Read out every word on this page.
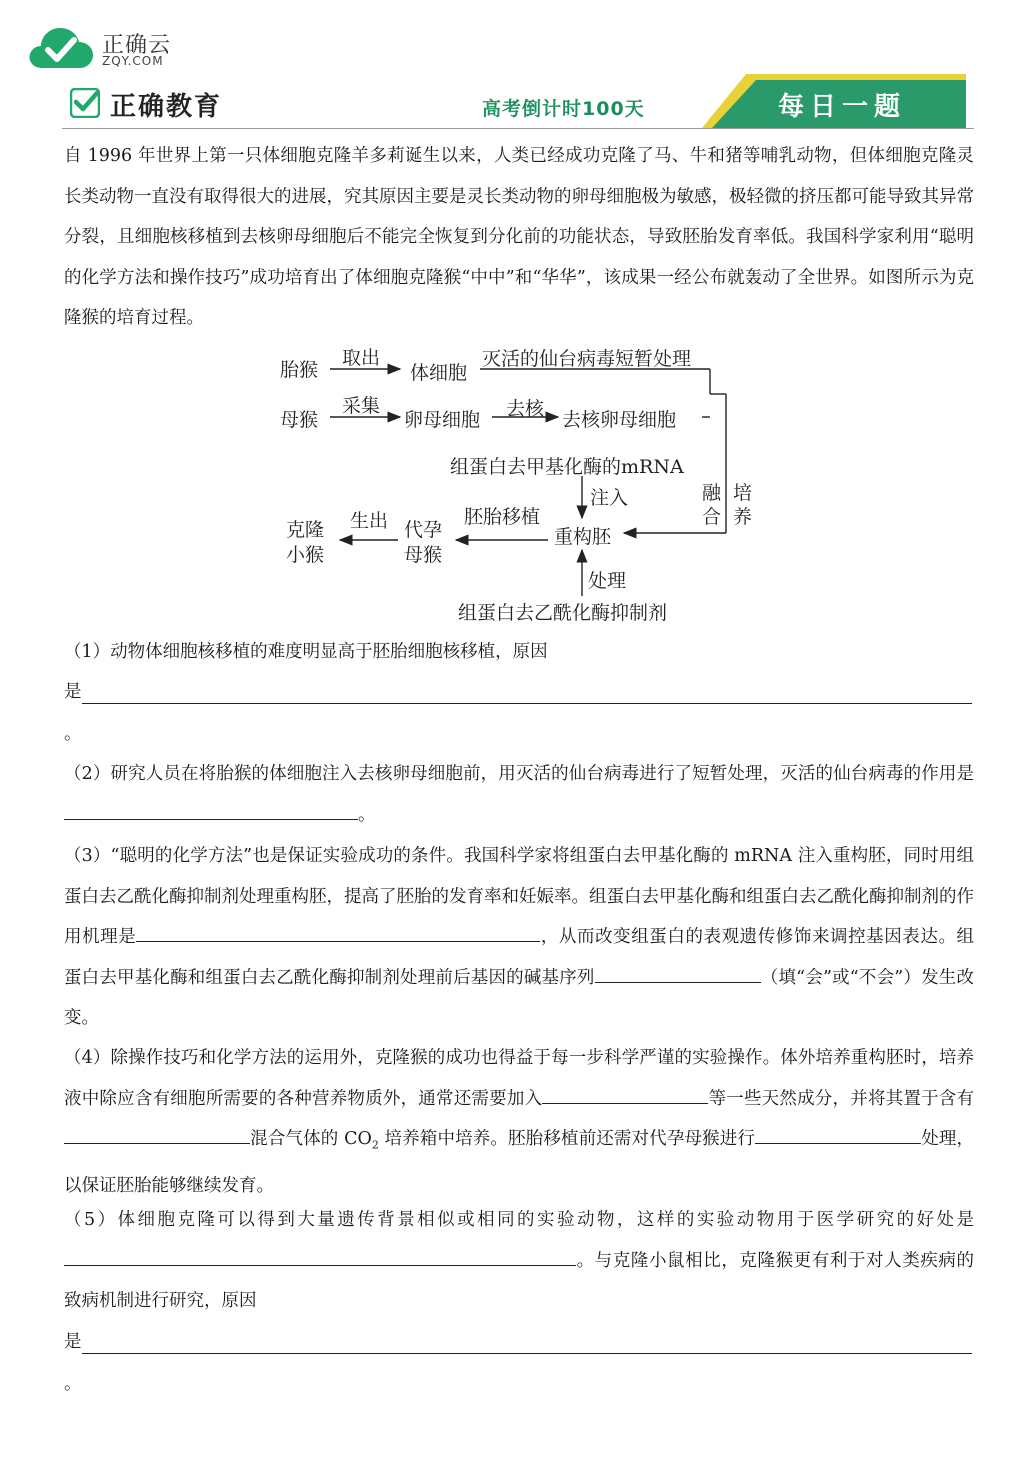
正确云
ZQY.COM
正确教育	高考倒计时100天	每日一题
自 1996 年世界上第一只体细胞克隆羊多莉诞生以来，人类已经成功克隆了马、牛和猪等哺乳动物，但体细胞克隆灵长类动物一直没有取得很大的进展，究其原因主要是灵长类动物的卵母细胞极为敏感，极轻微的挤压都可能导致其异常分裂，且细胞核移植到去核卵母细胞后不能完全恢复到分化前的功能状态，导致胚胎发育率低。我国科学家利用“聪明的化学方法和操作技巧”成功培育出了体细胞克隆猴“中中”和“华华”，该成果一经公布就轰动了全世界。如图所示为克隆猴的培育过程。
胎猴
取出
体细胞
灭活的仙台病毒短暂处理
母猴
采集
卵母细胞 去核 去核卵母细胞
组蛋白去甲基化酶的mRNA
注入	融
合
培
养
克隆
小猴
生出 代孕
母猴
胚胎移植
重构胚
处理
组蛋白去乙酰化酶抑制剂
（1）动物体细胞核移植的难度明显高于胚胎细胞核移植，原因
是
。
（2）研究人员在将胎猴的体细胞注入去核卵母细胞前，用灭活的仙台病毒进行了短暂处理，灭活的仙台病毒的作用是。
（3）“聪明的化学方法”也是保证实验成功的条件。我国科学家将组蛋白去甲基化酶的 mRNA 注入重构胚，同时用组蛋白去乙酰化酶抑制剂处理重构胚，提高了胚胎的发育率和妊娠率。组蛋白去甲基化酶和组蛋白去乙酰化酶抑制剂的作用机理是	，从而改变组蛋白的表观遗传修饰来调控基因表达。组蛋白去甲基化酶和组蛋白去乙酰化酶抑制剂处理前后基因的碱基序列	（填“会”或“不会”）发生改变。
（4）除操作技巧和化学方法的运用外，克隆猴的成功也得益于每一步科学严谨的实验操作。体外培养重构胚时，培养液中除应含有细胞所需要的各种营养物质外，通常还需要加入	等一些天然成分，并将其置于含有混合气体的 $CO_2$ 培养箱中培养。胚胎移植前还需对代孕母猴进行	处理，以保证胚胎能够继续发育。
（5）体细胞克隆可以得到大量遗传背景相似或相同的实验动物，这样的实验动物用于医学研究的好处是。与克隆小鼠相比，克隆猴更有利于对人类疾病的致病机制进行研究，原因
是
。
